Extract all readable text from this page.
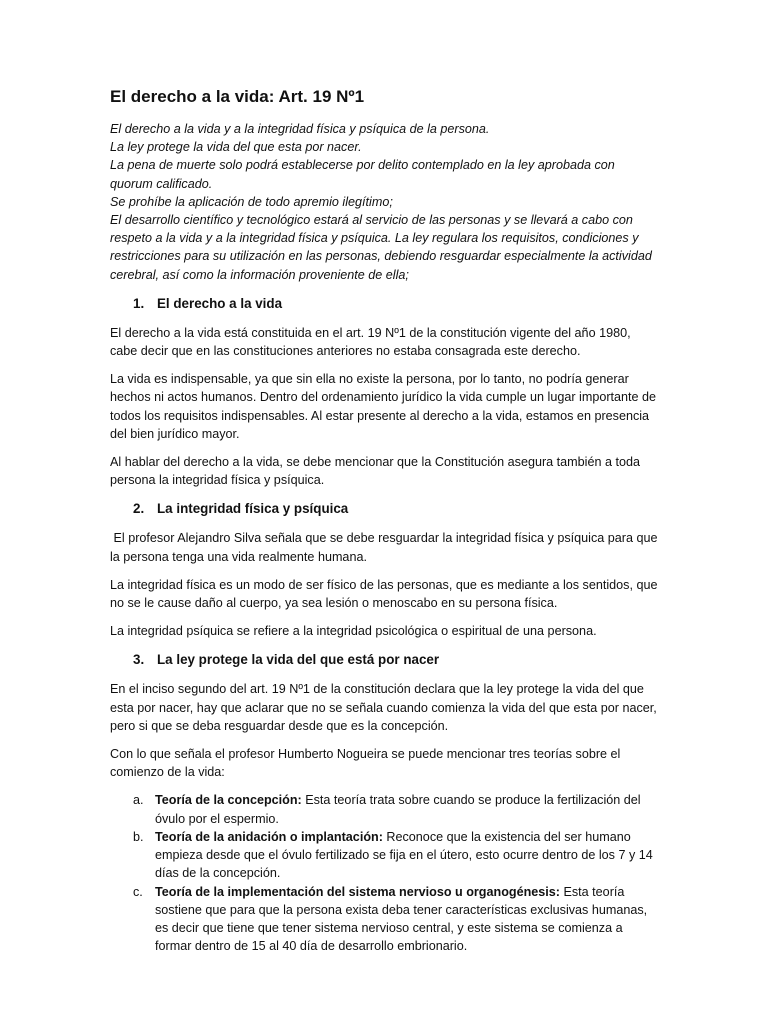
El derecho a la vida: Art. 19 Nº1
El derecho a la vida y a la integridad física y psíquica de la persona.
La ley protege la vida del que esta por nacer.
La pena de muerte solo podrá establecerse por delito contemplado en la ley aprobada con quorum calificado.
Se prohíbe la aplicación de todo apremio ilegítimo;
El desarrollo científico y tecnológico estará al servicio de las personas y se llevará a cabo con respeto a la vida y a la integridad física y psíquica. La ley regulara los requisitos, condiciones y restricciones para su utilización en las personas, debiendo resguardar especialmente la actividad cerebral, así como la información proveniente de ella;
1. El derecho a la vida

El derecho a la vida está constituida en el art. 19 Nº1 de la constitución vigente del año 1980, cabe decir que en las constituciones anteriores no estaba consagrada este derecho.

La vida es indispensable, ya que sin ella no existe la persona, por lo tanto, no podría generar hechos ni actos humanos. Dentro del ordenamiento jurídico la vida cumple un lugar importante de todos los requisitos indispensables. Al estar presente al derecho a la vida, estamos en presencia del bien jurídico mayor.

Al hablar del derecho a la vida, se debe mencionar que la Constitución asegura también a toda persona la integridad física y psíquica.

2. La integridad física y psíquica

El profesor Alejandro Silva señala que se debe resguardar la integridad física y psíquica para que la persona tenga una vida realmente humana.

La integridad física es un modo de ser físico de las personas, que es mediante a los sentidos, que no se le cause daño al cuerpo, ya sea lesión o menoscabo en su persona física.

La integridad psíquica se refiere a la integridad psicológica o espiritual de una persona.

3. La ley protege la vida del que está por nacer

En el inciso segundo del art. 19 Nº1 de la constitución declara que la ley protege la vida del que esta por nacer, hay que aclarar que no se señala cuando comienza la vida del que esta por nacer, pero si que se deba resguardar desde que es la concepción.

Con lo que señala el profesor Humberto Nogueira se puede mencionar tres teorías sobre el comienzo de la vida:

a. Teoría de la concepción: Esta teoría trata sobre cuando se produce la fertilización del óvulo por el espermio.
b. Teoría de la anidación o implantación: Reconoce que la existencia del ser humano empieza desde que el óvulo fertilizado se fija en el útero, esto ocurre dentro de los 7 y 14 días de la concepción.
c. Teoría de la implementación del sistema nervioso u organogénesis: Esta teoría sostiene que para que la persona exista deba tener características exclusivas humanas, es decir que tiene que tener sistema nervioso central, y este sistema se comienza a formar dentro de 15 al 40 día de desarrollo embrionario.
